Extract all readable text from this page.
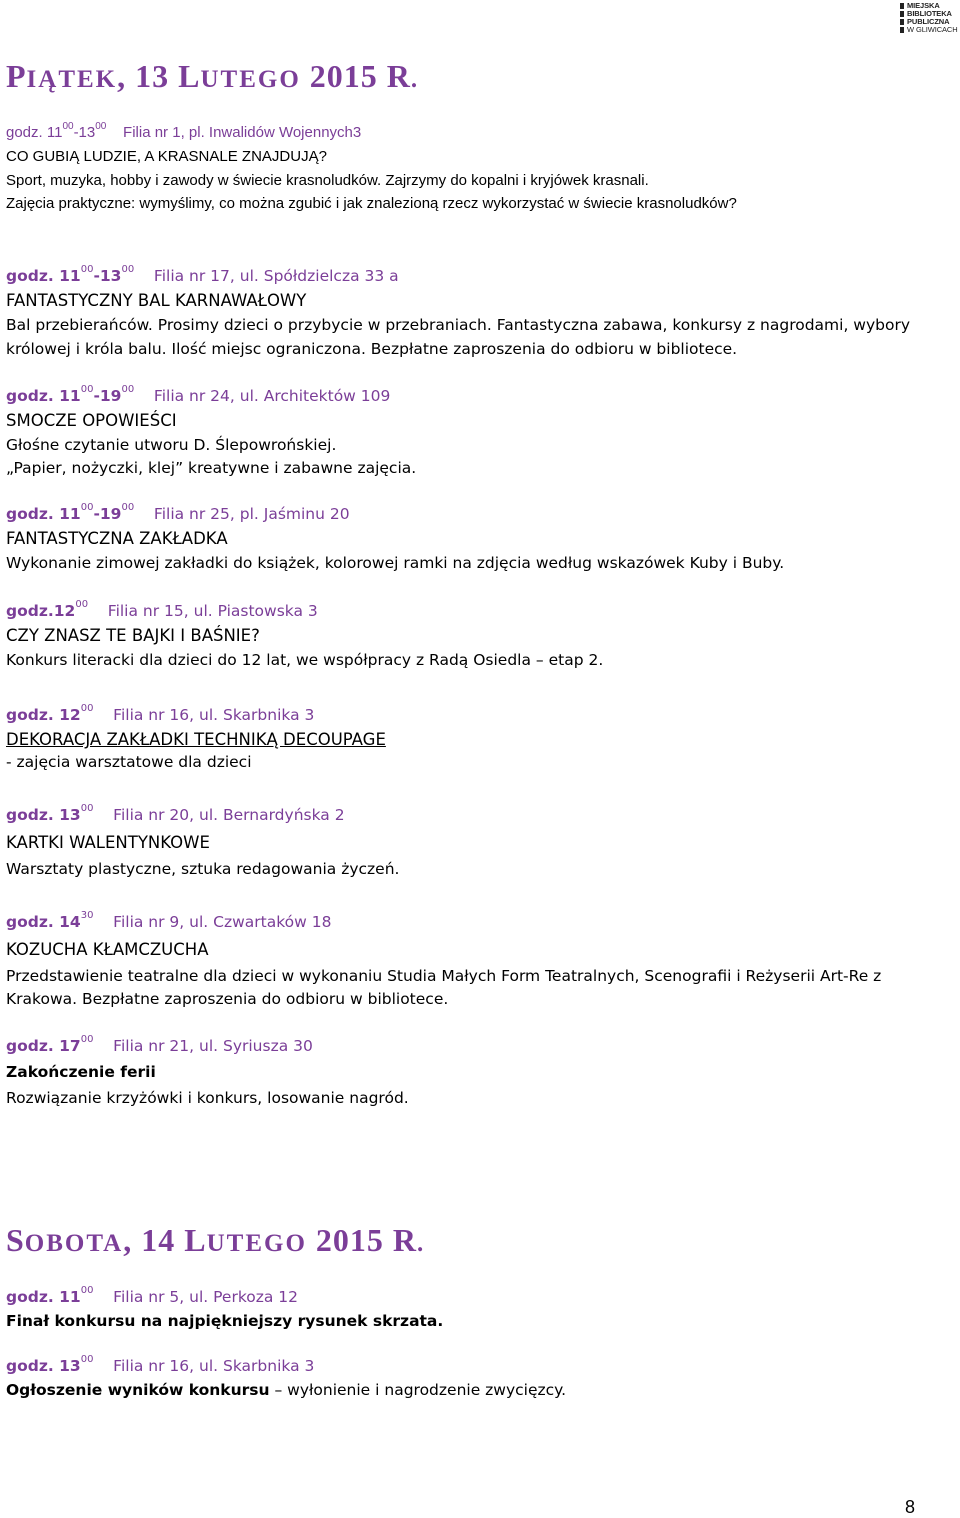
MIEJSKA
BIBLIOTEKA
PUBLICZNA
W GLIWICACH
PIĄTEK, 13 LUTEGO 2015 R.
godz. $11^{00}-13^{00}$ Filia nr 1, pl. Inwalidów Wojennych3
CO GUBIĄ LUDZIE, A KRASNALE ZNAJDUJĄ?
Sport, muzyka, hobby i zawody w świecie krasnoludków. Zajrzymy do kopalni i kryjówek krasnali.
Zajęcia praktyczne: wymyślimy, co można zgubić i jak znalezioną rzecz wykorzystać w świecie krasnoludków?
godz. $11^{00}-13^{00}$ Filia nr 17, ul. Spółdzielcza 33 a
FANTASTYCZNY BAL KARNAWAŁOWY
Bal przebierańców. Prosimy dzieci o przybycie w przebraniach. Fantastyczna zabawa, konkursy z nagrodami, wybory
królowej i króla balu. Ilość miejsc ograniczona. Bezpłatne zaproszenia do odbioru w bibliotece.
godz. $11^{00}-19^{00}$ Filia nr 24, ul. Architektów 109
SMOCZE OPOWIEŚCI
Głośne czytanie utworu D. Ślepowrońskiej.
„Papier, nożyczki, klej” kreatywne i zabawne zajęcia.
godz. $11^{00}-19^{00}$ Filia nr 25, pl. Jaśminu 20
FANTASTYCZNA ZAKŁADKA
Wykonanie zimowej zakładki do książek, kolorowej ramki na zdjęcia według wskazówek Kuby i Buby.
$godz.12^{00}$ Filia nr 15, ul. Piastowska 3
CZY ZNASZ TE BAJKI I BAŚNIE?
Konkurs literacki dla dzieci do 12 lat, we współpracy z Radą Osiedla – etap 2.
godz. $12^{00}$ Filia nr 16, ul. Skarbnika 3
DEKORACJA ZAKŁADKI TECHNIKĄ DECOUPAGE
- zajęcia warsztatowe dla dzieci
godz. $13^{00}$ Filia nr 20, ul. Bernardyńska 2
KARTKI WALENTYNKOWE
Warsztaty plastyczne, sztuka redagowania życzeń.
godz. $14^{30}$ Filia nr 9, ul. Czwartaków 18
KOZUCHA KŁAMCZUCHA
Przedstawienie teatralne dla dzieci w wykonaniu Studia Małych Form Teatralnych, Scenografii i Reżyserii Art-Re z
Krakowa. Bezpłatne zaproszenia do odbioru w bibliotece.
godz. $17^{00}$ Filia nr 21, ul. Syriusza 30
Zakończenie ferii
Rozwiązanie krzyżówki i konkurs, losowanie nagród.
SOBOTA, 14 LUTEGO 2015 R.
godz. $11^{00}$ Filia nr 5, ul. Perkoza 12
Finał konkursu na najpiękniejszy rysunek skrzata.
godz. $13^{00}$ Filia nr 16, ul. Skarbnika 3
Ogłoszenie wyników konkursu – wyłonienie i nagrodzenie zwycięzcy.
8
